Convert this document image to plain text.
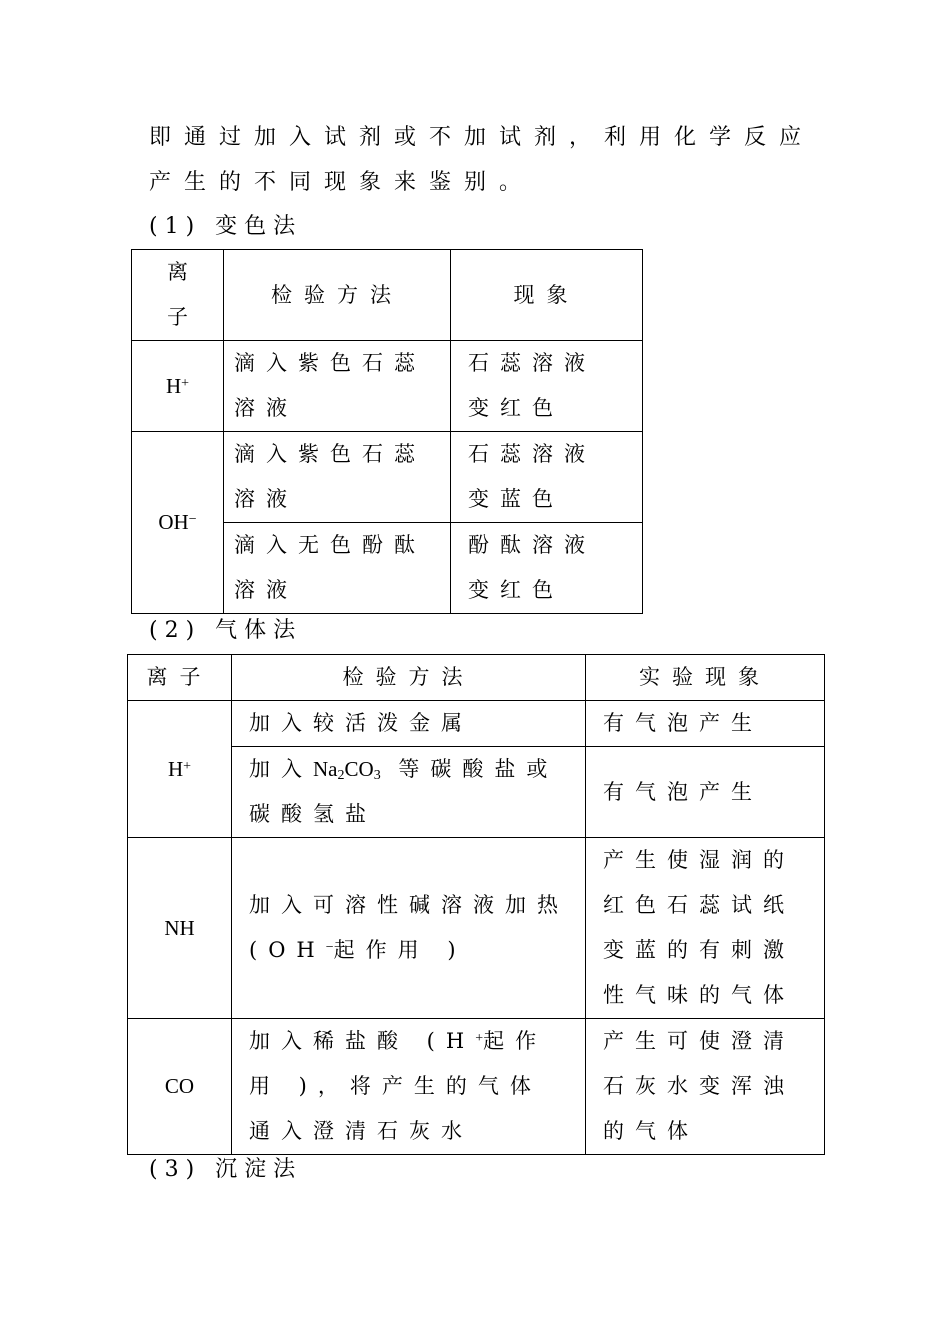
即通过加入试剂或不加试剂，利用化学反应
产生的不同现象来鉴别。
(1) 变色法
离子	检验方法	现象
H+	滴入紫色石蕊溶液	石蕊溶液变红色

OH−	滴入紫色石蕊溶液	石蕊溶液变蓝色

	滴入无色酚酞溶液	酚酞溶液变红色
(2) 气体法
离子	检验方法	实验现象
H+	加入较活泼金属	有气泡产生

	加入$Na_2CO_3$ 等碳酸盐或碳酸氢盐	有气泡产生
NH	加入可溶性碱溶液加热 (OH−起作用 )	产生使湿润的红色石蕊试纸变蓝的有刺激性气味的气体

CO	加入稀盐酸 (H+起作用 )，将产生的气体通入澄清石灰水	产生可使澄清石灰水变浑浊的气体
(3) 沉淀法
